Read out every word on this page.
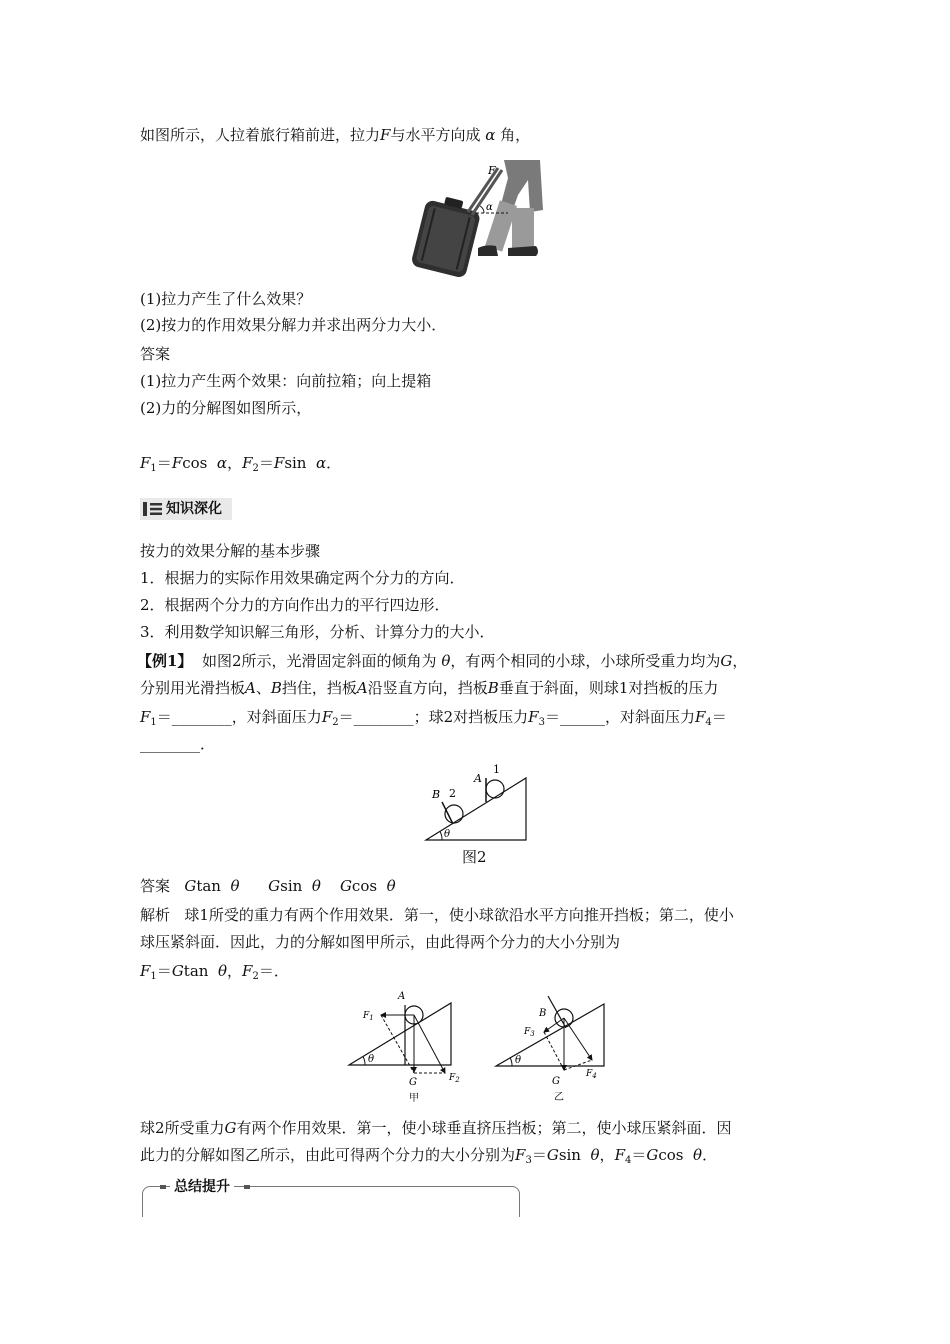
如图所示，人拉着旅行箱前进，拉力F与水平方向成 α 角，
α
F
(1)拉力产生了什么效果？
(2)按力的作用效果分解力并求出两分力大小．
答案
(1)拉力产生两个效果：向前拉箱；向上提箱
(2)力的分解图如图所示，
$F_1=Fcos$ α，$F_2=Fsin$ α．
知识深化
按力的效果分解的基本步骤
1．根据力的实际作用效果确定两个分力的方向．
2．根据两个分力的方向作出力的平行四边形．
3．利用数学知识解三角形，分析、计算分力的大小．
【例1】 如图2所示，光滑固定斜面的倾角为 θ，有两个相同的小球，小球所受重力均为G，
分别用光滑挡板A、B挡住，挡板A沿竖直方向，挡板B垂直于斜面，则球1对挡板的压力
$F_1=\_\_\_\_\_\_\_\_$，对斜面压力$F_2=\_\_\_\_\_\_\_\_$；球2对挡板压力$F_3=\_\_\_\_\_\_$，对斜面压力$F_4=$
________．
θ
B 2
A
1
图2
答案 Gtan θ Gsin θ Gcos θ
解析 球1所受的重力有两个作用效果．第一，使小球欲沿水平方向推开挡板；第二，使小
球压紧斜面．因此，力的分解如图甲所示，由此得两个分力的大小分别为
$F_1=Gtan$ θ，$F_2=$．
θ
A
$F_1$
G	$F_2$
甲
θ
B
$F_3$
G
$F_4$
乙
球2所受重力G有两个作用效果．第一，使小球垂直挤压挡板；第二，使小球压紧斜面．因
此力的分解如图乙所示，由此可得两个分力的大小分别为$F_3=Gsin$ θ，$F_4=Gcos$ θ．
总结提升
